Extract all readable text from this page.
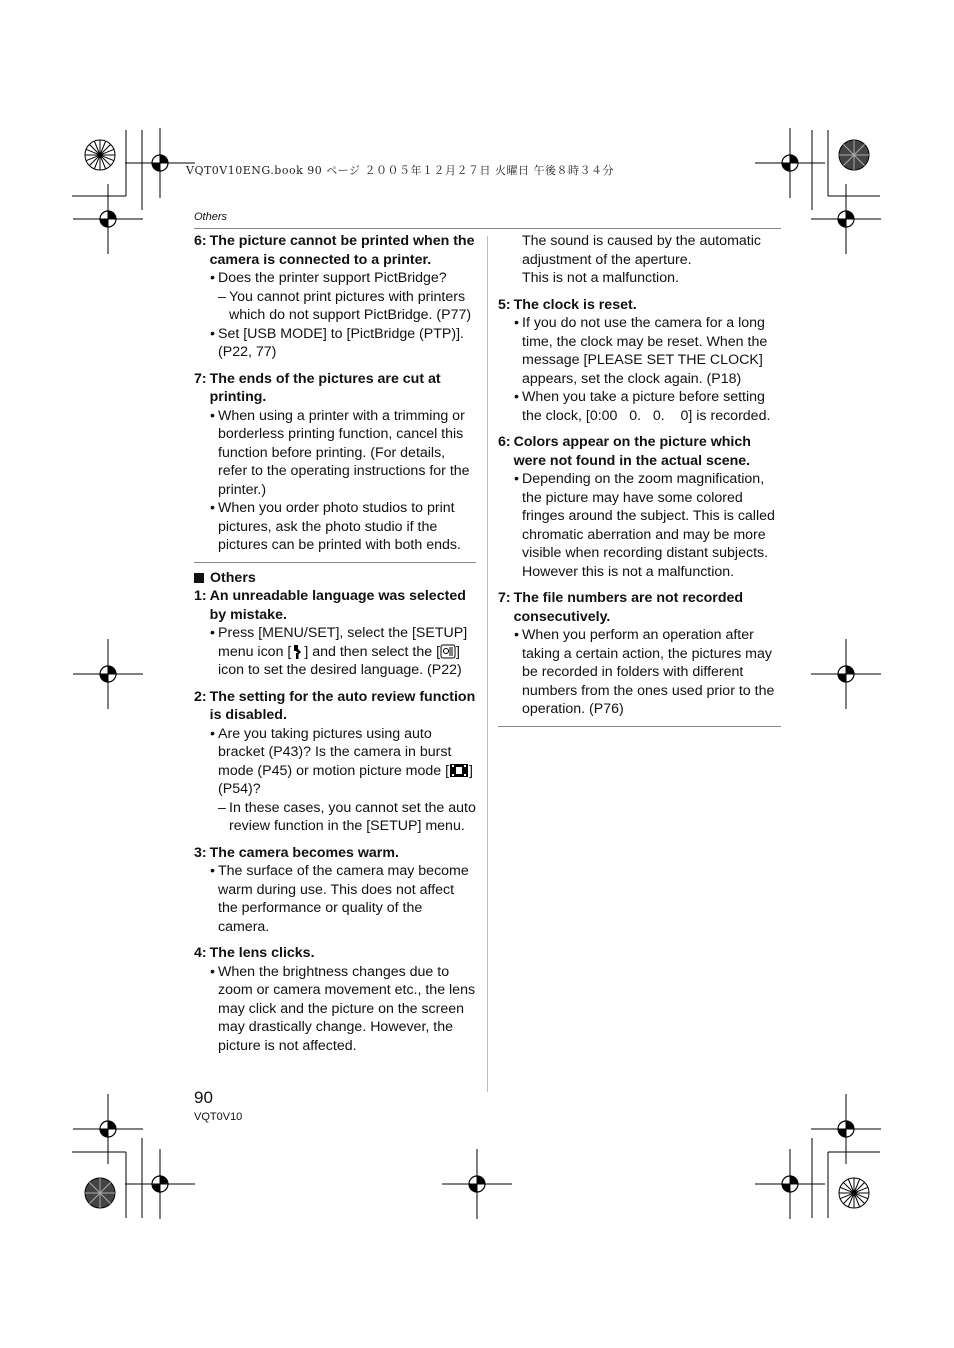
VQT0V10ENG.book 90 ページ ２００５年１２月２７日 火曜日 午後８時３４分
Others
6: The picture cannot be printed when the camera is connected to a printer.
• Does the printer support PictBridge?
– You cannot print pictures with printers which do not support PictBridge. (P77)
• Set [USB MODE] to [PictBridge (PTP)]. (P22, 77)
7: The ends of the pictures are cut at printing.
• When using a printer with a trimming or borderless printing function, cancel this function before printing. (For details, refer to the operating instructions for the printer.)
• When you order photo studios to print pictures, ask the photo studio if the pictures can be printed with both ends.
Others
1: An unreadable language was selected by mistake.
• Press [MENU/SET], select the [SETUP] menu icon [ ] and then select the [ ] icon to set the desired language. (P22)
2: The setting for the auto review function is disabled.
• Are you taking pictures using auto bracket (P43)? Is the camera in burst mode (P45) or motion picture mode [ ] (P54)?
– In these cases, you cannot set the auto review function in the [SETUP] menu.
3: The camera becomes warm.
• The surface of the camera may become warm during use. This does not affect the performance or quality of the camera.
4: The lens clicks.
• When the brightness changes due to zoom or camera movement etc., the lens may click and the picture on the screen may drastically change. However, the picture is not affected.
The sound is caused by the automatic adjustment of the aperture.
This is not a malfunction.
5: The clock is reset.
• If you do not use the camera for a long time, the clock may be reset. When the message [PLEASE SET THE CLOCK] appears, set the clock again. (P18)
• When you take a picture before setting the clock, [0:00   0.   0.    0] is recorded.
6: Colors appear on the picture which were not found in the actual scene.
• Depending on the zoom magnification, the picture may have some colored fringes around the subject. This is called chromatic aberration and may be more visible when recording distant subjects. However this is not a malfunction.
7: The file numbers are not recorded consecutively.
• When you perform an operation after taking a certain action, the pictures may be recorded in folders with different numbers from the ones used prior to the operation. (P76)
90
VQT0V10
